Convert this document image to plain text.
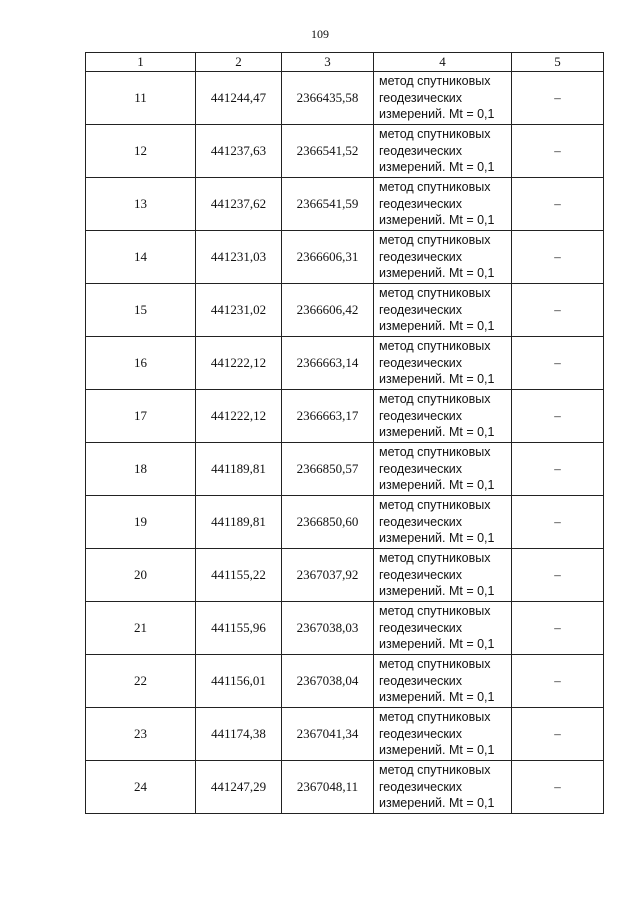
109
1	2	3	4	5
11	441244,47	2366435,58	метод спутниковых
геодезических
измерений. Mt = 0,1	–
12	441237,63	2366541,52	метод спутниковых
геодезических
измерений. Mt = 0,1	–
13	441237,62	2366541,59	метод спутниковых
геодезических
измерений. Mt = 0,1	–
14	441231,03	2366606,31	метод спутниковых
геодезических
измерений. Mt = 0,1	–
15	441231,02	2366606,42	метод спутниковых
геодезических
измерений. Mt = 0,1	–
16	441222,12	2366663,14	метод спутниковых
геодезических
измерений. Mt = 0,1	–
17	441222,12	2366663,17	метод спутниковых
геодезических
измерений. Mt = 0,1	–
18	441189,81	2366850,57	метод спутниковых
геодезических
измерений. Mt = 0,1	–
19	441189,81	2366850,60	метод спутниковых
геодезических
измерений. Mt = 0,1	–
20	441155,22	2367037,92	метод спутниковых
геодезических
измерений. Mt = 0,1	–
21	441155,96	2367038,03	метод спутниковых
геодезических
измерений. Mt = 0,1	–
22	441156,01	2367038,04	метод спутниковых
геодезических
измерений. Mt = 0,1	–
23	441174,38	2367041,34	метод спутниковых
геодезических
измерений. Mt = 0,1	–
24	441247,29	2367048,11	метод спутниковых
геодезических
измерений. Mt = 0,1	–
